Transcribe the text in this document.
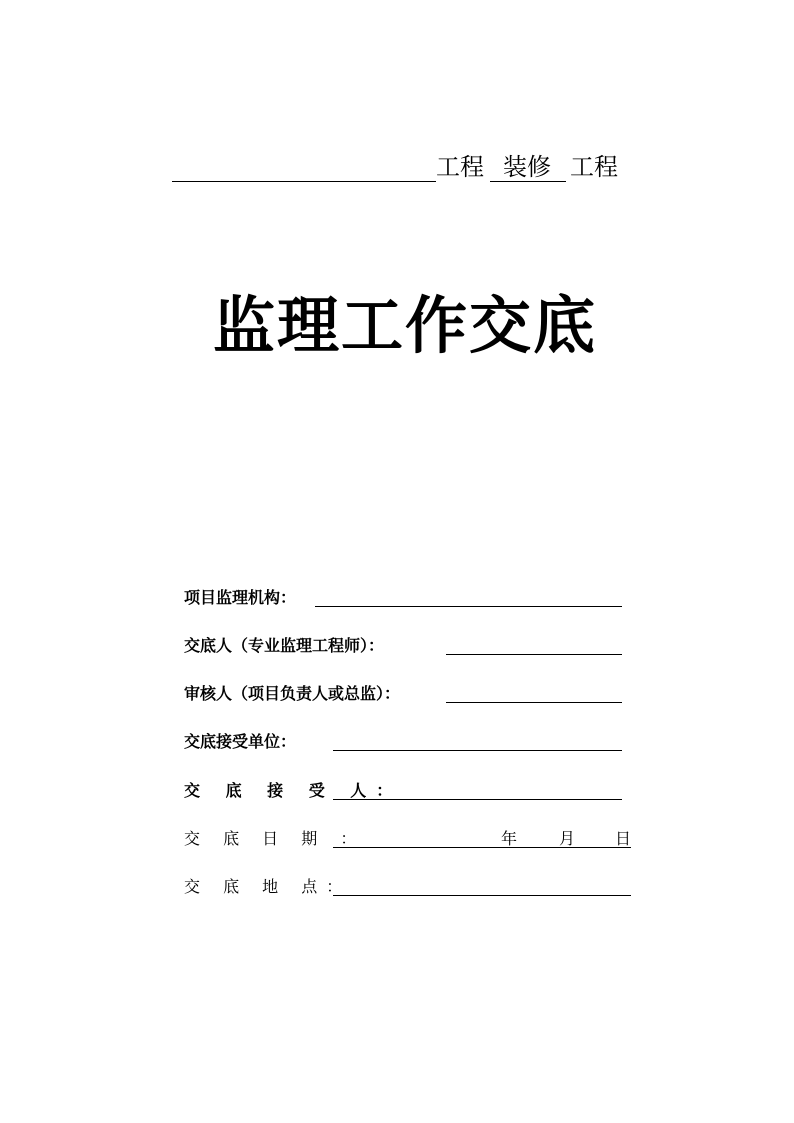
工程 装修 工程
监理工作交底
项目监理机构：
交底人（专业监理工程师）：
审核人（项目负责人或总监）：
交底接受单位：
交 底 接 受 人：
交 底 日 期 ：	年	月 日
交 底 地 点：
